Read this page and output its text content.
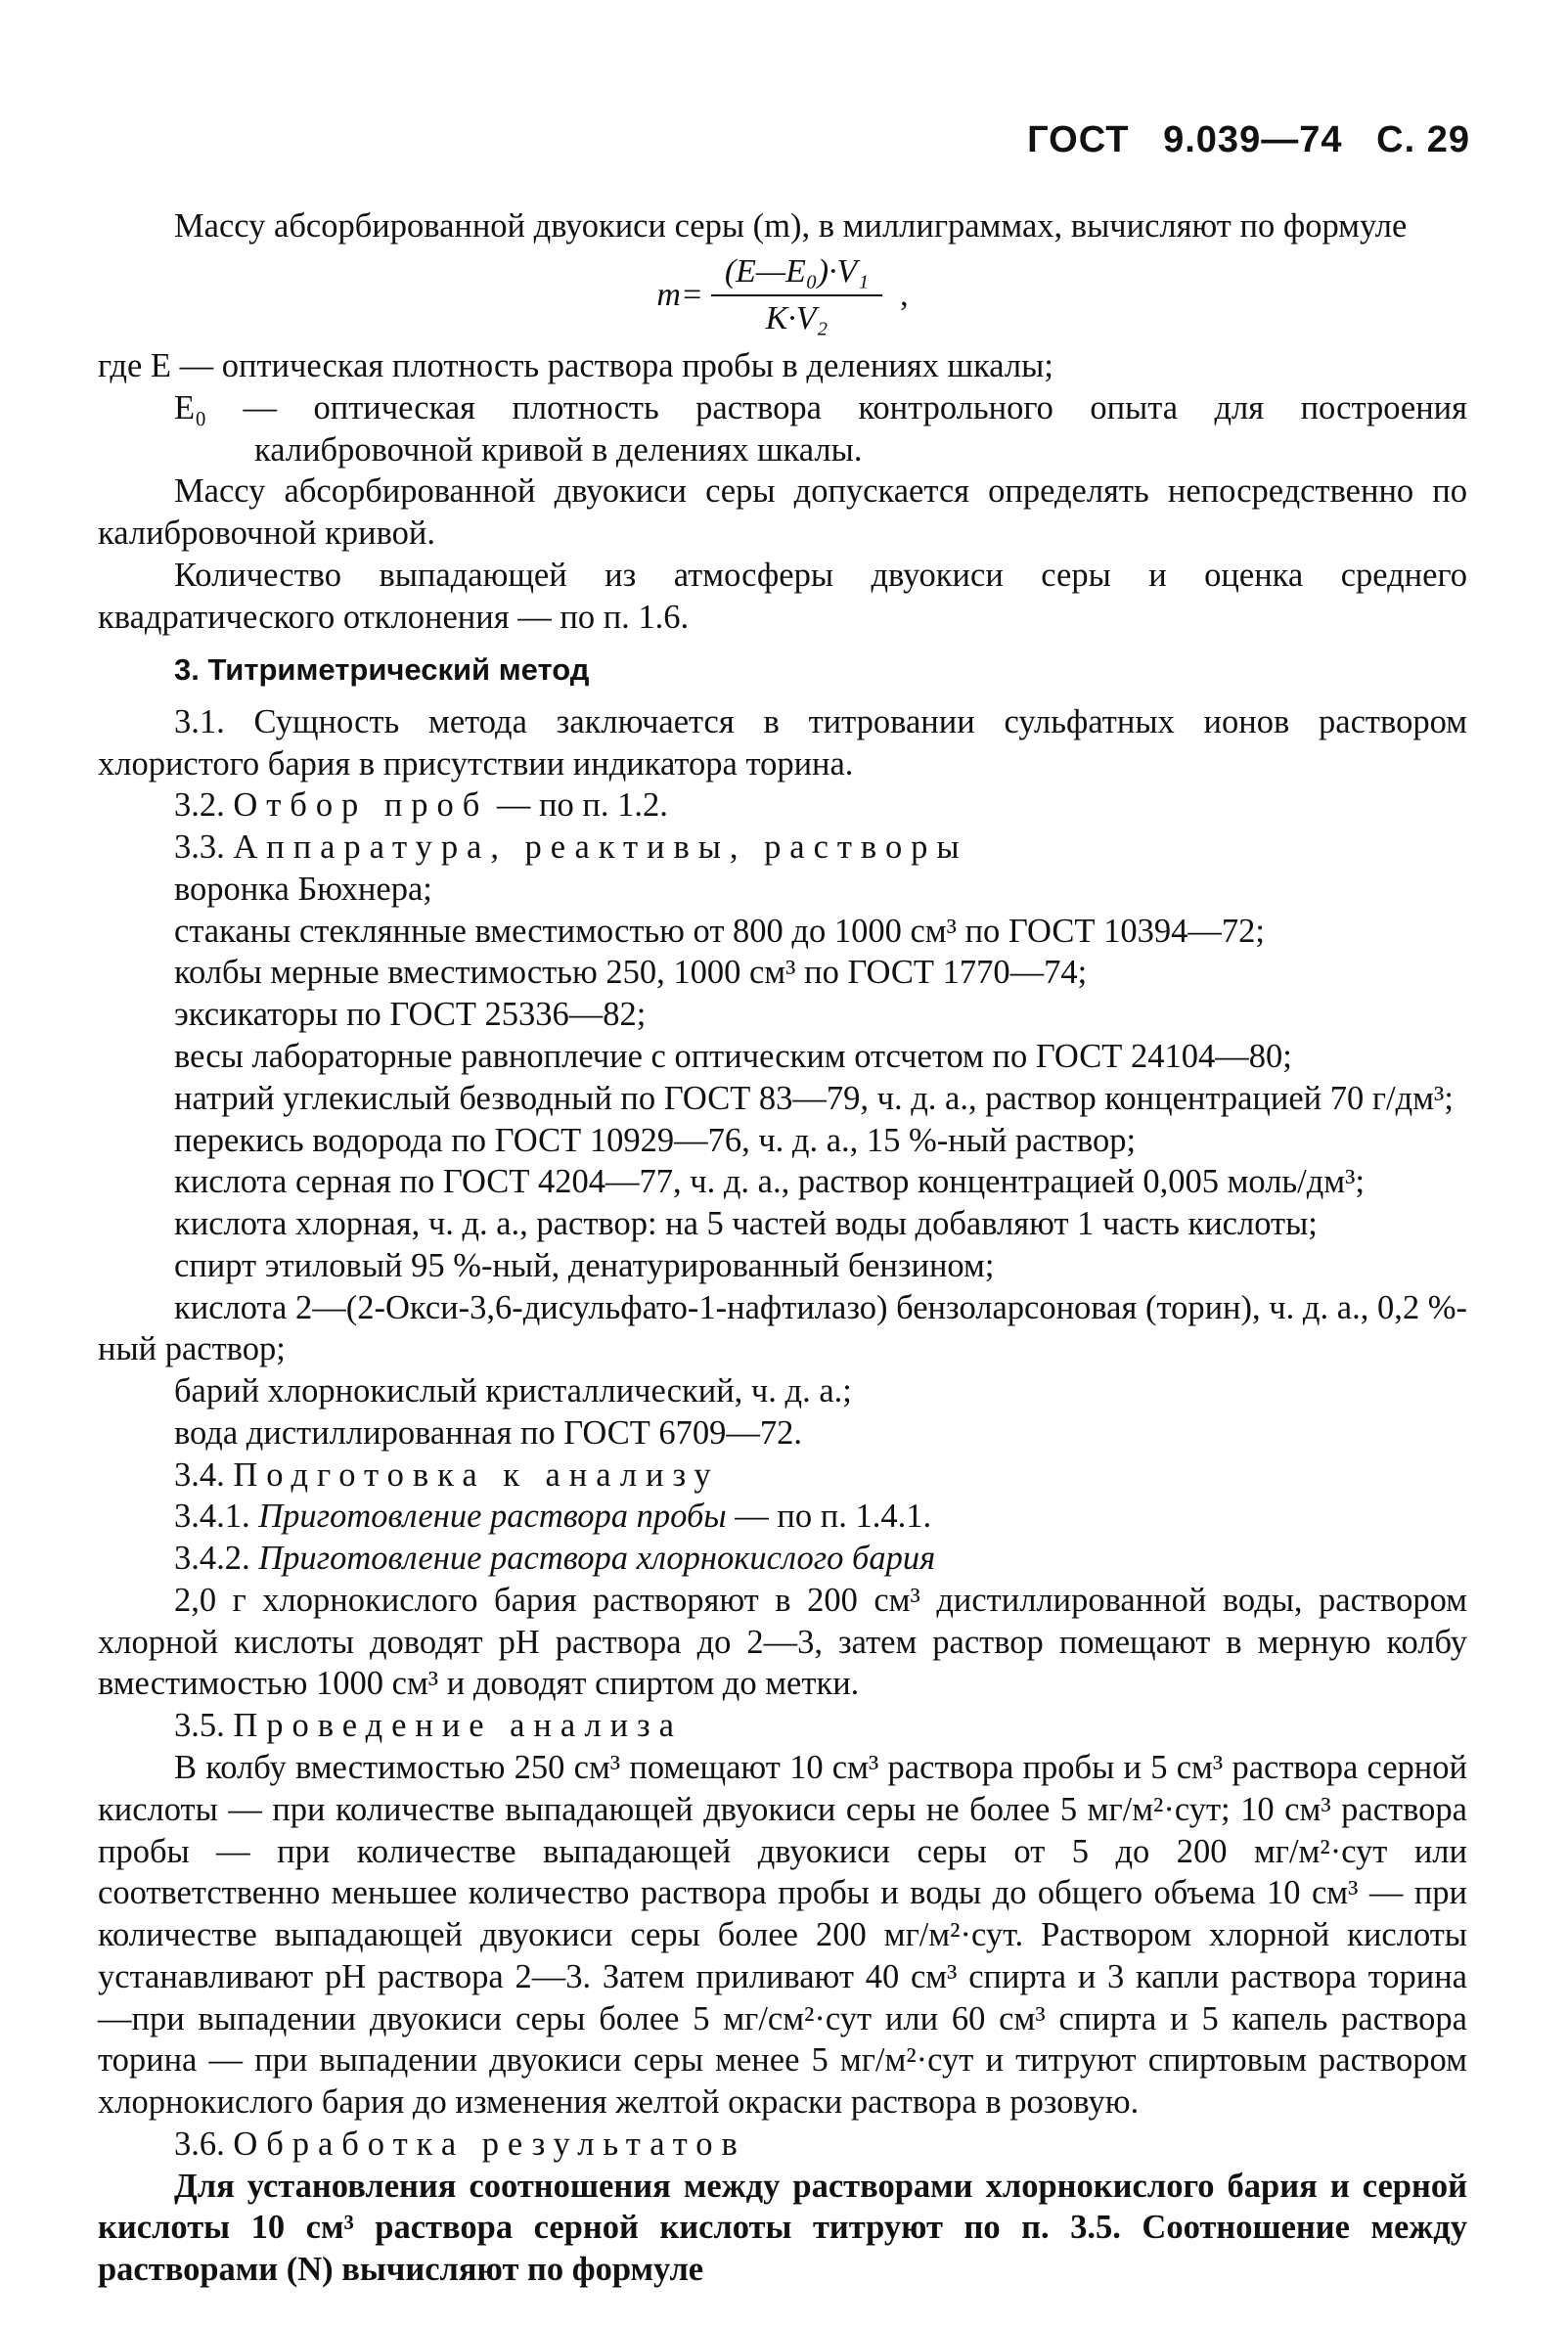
ГОСТ 9.039—74 С. 29

Массу абсорбированной двуокиси серы (m), в миллиграммах, вычисляют по формуле

$m= \frac{\text{(E—E₀)·V₁}}{\text{K·V₂}}$ ,

где E — оптическая плотность раствора пробы в делениях шкалы;

E₀ — оптическая плотность раствора контрольного опыта для построения калибровочной кривой в делениях шкалы.

Массу абсорбированной двуокиси серы допускается определять непосредственно по калибровочной кривой.

Количество выпадающей из атмосферы двуокиси серы и оценка среднего квадратического отклонения — по п. 1.6.

3. Титриметрический метод

3.1. Сущность метода заключается в титровании сульфатных ионов раствором хлористого бария в присутствии индикатора торина.

3.2. Отбор проб — по п. 1.2.

3.3. Аппаратура, реактивы, растворы

воронка Бюхнера;

стаканы стеклянные вместимостью от 800 до 1000 см³ по ГОСТ 10394—72;

колбы мерные вместимостью 250, 1000 см³ по ГОСТ 1770—74;

эксикаторы по ГОСТ 25336—82;

весы лабораторные равноплечие с оптическим отсчетом по ГОСТ 24104—80;

натрий углекислый безводный по ГОСТ 83—79, ч. д. а., раствор концентрацией 70 г/дм³;

перекись водорода по ГОСТ 10929—76, ч. д. а., 15 %-ный раствор;

кислота серная по ГОСТ 4204—77, ч. д. а., раствор концентрацией 0,005 моль/дм³;

кислота хлорная, ч. д. а., раствор: на 5 частей воды добавляют 1 часть кислоты;

спирт этиловый 95 %-ный, денатурированный бензином;

кислота 2—(2-Окси-3,6-дисульфато-1-нафтилазо) бензоларсоновая (торин), ч. д. а., 0,2 %-ный раствор;

барий хлорнокислый кристаллический, ч. д. а.;

вода дистиллированная по ГОСТ 6709—72.

3.4. Подготовка к анализу

3.4.1. Приготовление раствора пробы — по п. 1.4.1.

3.4.2. Приготовление раствора хлорнокислого бария

2,0 г хлорнокислого бария растворяют в 200 см³ дистиллированной воды, раствором хлорной кислоты доводят pH раствора до 2—3, затем раствор помещают в мерную колбу вместимостью 1000 см³ и доводят спиртом до метки.

3.5. Проведение анализа

В колбу вместимостью 250 см³ помещают 10 см³ раствора пробы и 5 см³ раствора серной кислоты — при количестве выпадающей двуокиси серы не более 5 мг/м²·сут; 10 см³ раствора пробы — при количестве выпадающей двуокиси серы от 5 до 200 мг/м²·сут или соответственно меньшее количество раствора пробы и воды до общего объема 10 см³ — при количестве выпадающей двуокиси серы более 200 мг/м²·сут. Раствором хлорной кислоты устанавливают pH раствора 2—3. Затем приливают 40 см³ спирта и 3 капли раствора торина —при выпадении двуокиси серы более 5 мг/см²·сут или 60 см³ спирта и 5 капель раствора торина — при выпадении двуокиси серы менее 5 мг/м²·сут и титруют спиртовым раствором хлорнокислого бария до изменения желтой окраски раствора в розовую.

3.6. Обработка результатов

Для установления соотношения между растворами хлорнокислого бария и серной кислоты 10 см³ раствора серной кислоты титруют по п. 3.5. Соотношение между растворами (N) вычисляют по формуле
